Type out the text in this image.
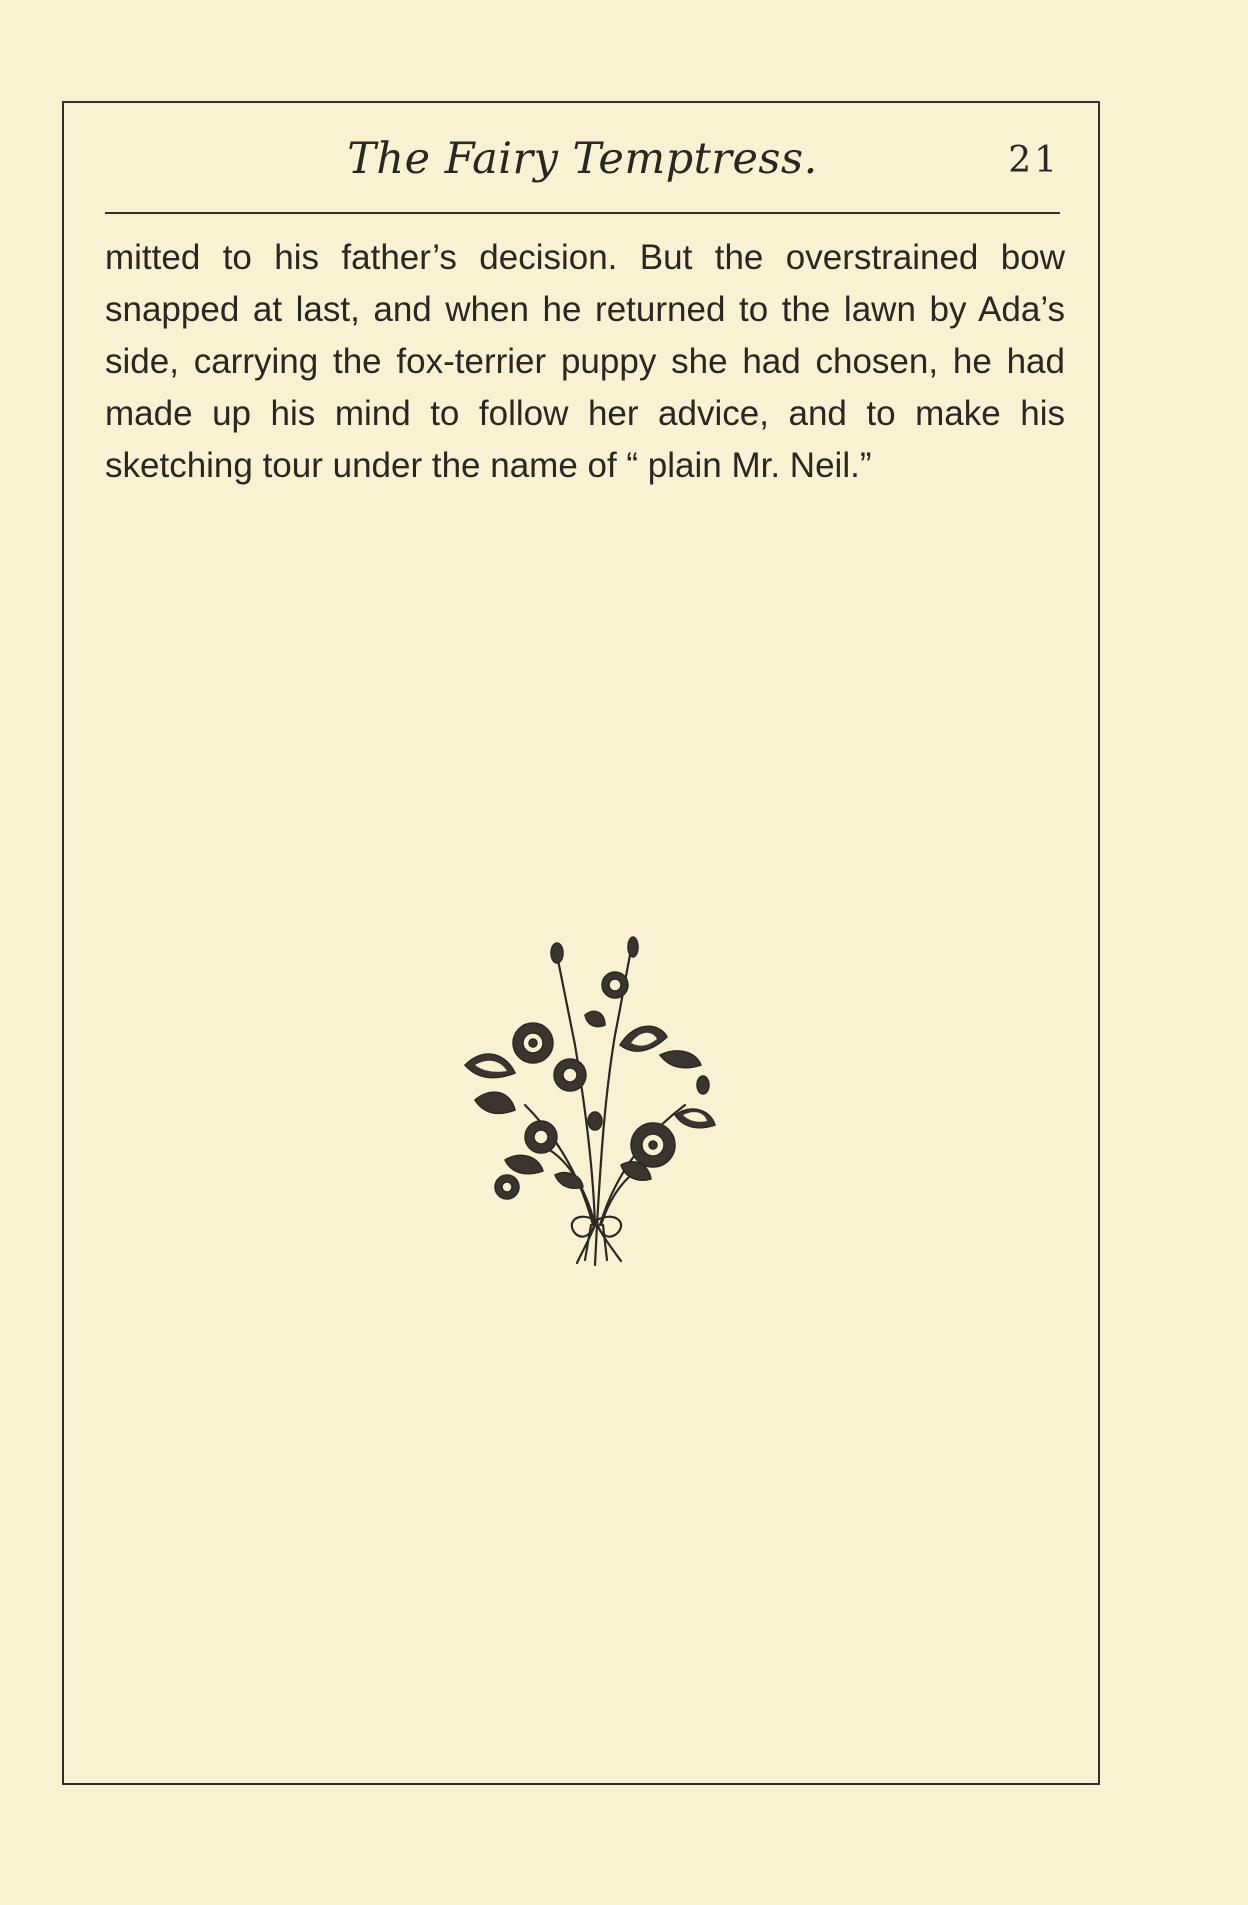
The Fairy Temptress.	21

mitted to his father’s decision. But the overstrained bow snapped at last, and when he returned to the lawn by Ada’s side, carrying the fox-terrier puppy she had chosen, he had made up his mind to follow her advice, and to make his sketching tour under the name of “ plain Mr. Neil.”
